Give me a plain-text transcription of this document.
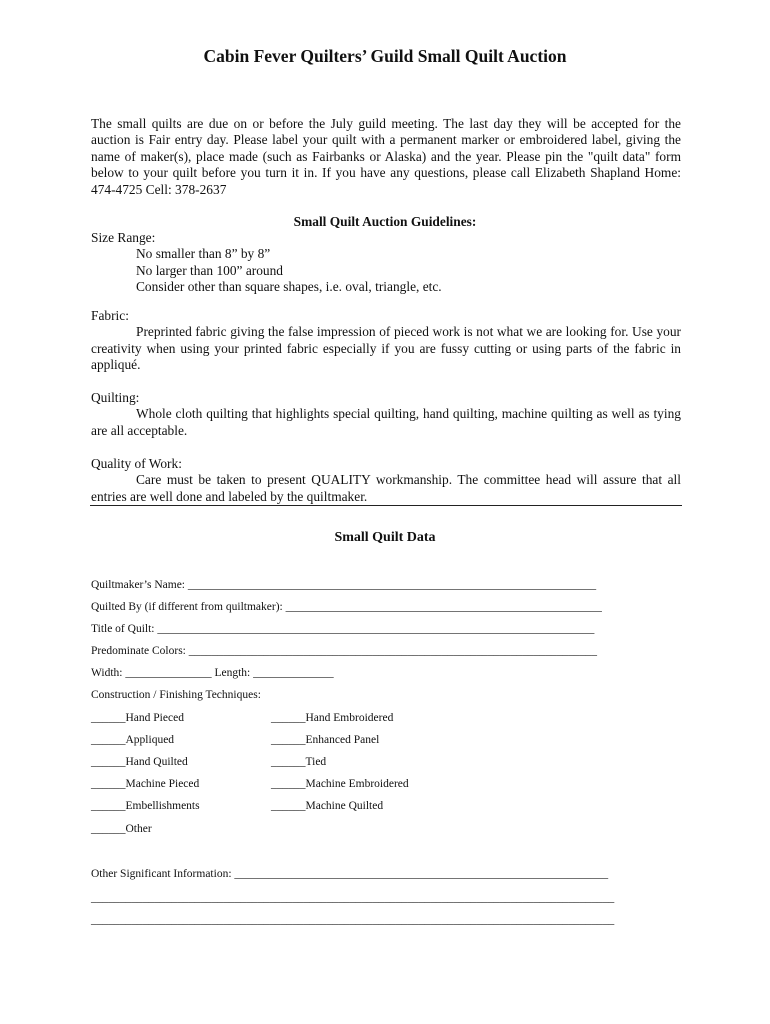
Cabin Fever Quilters’ Guild Small Quilt Auction
The small quilts are due on or before the July guild meeting. The last day they will be accepted for the auction is Fair entry day. Please label your quilt with a permanent marker or embroidered label, giving the name of maker(s), place made (such as Fairbanks or Alaska) and the year. Please pin the "quilt data" form below to your quilt before you turn it in. If you have any questions, please call Elizabeth Shapland Home: 474-4725 Cell: 378-2637
Small Quilt Auction Guidelines:
Size Range:
No smaller than 8” by 8”
No larger than 100” around
Consider other than square shapes, i.e. oval, triangle, etc.
Fabric:
Preprinted fabric giving the false impression of pieced work is not what we are looking for. Use your creativity when using your printed fabric especially if you are fussy cutting or using parts of the fabric in appliqué.
Quilting:
Whole cloth quilting that highlights special quilting, hand quilting, machine quilting as well as tying are all acceptable.
Quality of Work:
Care must be taken to present QUALITY workmanship. The committee head will assure that all entries are well done and labeled by the quiltmaker.
Small Quilt Data
Quiltmaker’s Name: _______________________________________________________________________
Quilted By (if different from quiltmaker): _______________________________________________________
Title of Quilt: ____________________________________________________________________________
Predominate Colors: _______________________________________________________________________
Width: _______________ Length: ______________
Construction / Finishing Techniques:
______Hand Pieced
______Appliqued
______Hand Quilted
______Machine Pieced
______Embellishments
______Other
______Hand Embroidered
______Enhanced Panel
______Tied
______Machine Embroidered
______Machine Quilted
Other Significant Information: _________________________________________________________________
___________________________________________________________________________________________
___________________________________________________________________________________________
